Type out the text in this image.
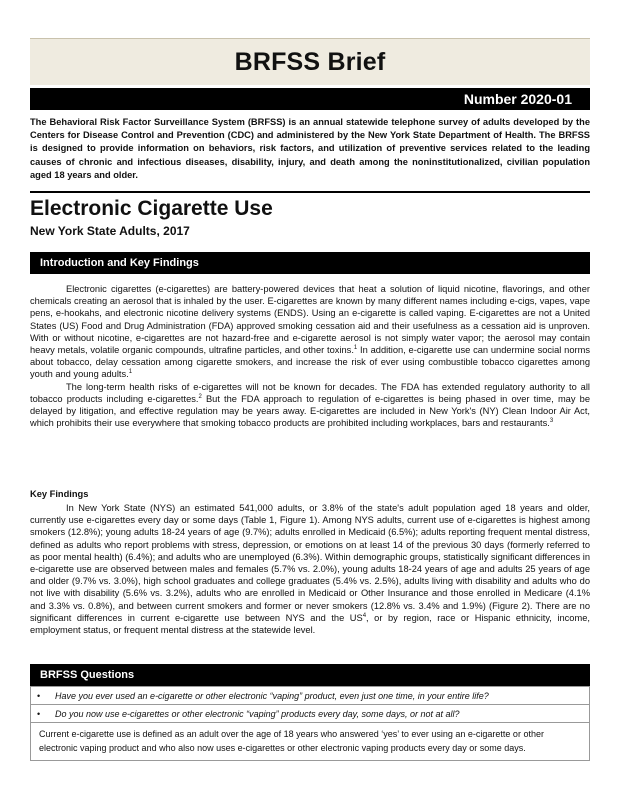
BRFSS Brief
Number 2020-01
The Behavioral Risk Factor Surveillance System (BRFSS) is an annual statewide telephone survey of adults developed by the Centers for Disease Control and Prevention (CDC) and administered by the New York State Department of Health. The BRFSS is designed to provide information on behaviors, risk factors, and utilization of preventive services related to the leading causes of chronic and infectious diseases, disability, injury, and death among the noninstitutionalized, civilian population aged 18 years and older.
Electronic Cigarette Use
New York State Adults, 2017
Introduction and Key Findings

Electronic cigarettes (e-cigarettes) are battery-powered devices that heat a solution of liquid nicotine, flavorings, and other chemicals creating an aerosol that is inhaled by the user. E-cigarettes are known by many different names including e-cigs, vapes, vape pens, e-hookahs, and electronic nicotine delivery systems (ENDS). Using an e-cigarette is called vaping. E-cigarettes are not a United States (US) Food and Drug Administration (FDA) approved smoking cessation aid and their usefulness as a cessation aid is unproven. With or without nicotine, e-cigarettes are not hazard-free and e-cigarette aerosol is not simply water vapor; the aerosol may contain heavy metals, volatile organic compounds, ultrafine particles, and other toxins.$^1$ In addition, e-cigarette use can undermine social norms about tobacco, delay cessation among cigarette smokers, and increase the risk of ever using combustible tobacco cigarettes among youth and young adults.$^1$

The long-term health risks of e-cigarettes will not be known for decades. The FDA has extended regulatory authority to all tobacco products including e-cigarettes.$^2$ But the FDA approach to regulation of e-cigarettes is being phased in over time, may be delayed by litigation, and effective regulation may be years away. E-cigarettes are included in New York's (NY) Clean Indoor Air Act, which prohibits their use everywhere that smoking tobacco products are prohibited including workplaces, bars and restaurants.$^3$

Key Findings

In New York State (NYS) an estimated 541,000 adults, or 3.8% of the state's adult population aged 18 years and older, currently use e-cigarettes every day or some days (Table 1, Figure 1). Among NYS adults, current use of e-cigarettes is highest among smokers (12.8%); young adults 18-24 years of age (9.7%); adults enrolled in Medicaid (6.5%); adults reporting frequent mental distress, defined as adults who report problems with stress, depression, or emotions on at least 14 of the previous 30 days (formerly referred to as poor mental health) (6.4%); and adults who are unemployed (6.3%). Within demographic groups, statistically significant differences in e-cigarette use are observed between males and females (5.7% vs. 2.0%), young adults 18-24 years of age and adults 25 years of age and older (9.7% vs. 3.0%), high school graduates and college graduates (5.4% vs. 2.5%), adults living with disability and adults who do not live with disability (5.6% vs. 3.2%), adults who are enrolled in Medicaid or Other Insurance and those enrolled in Medicare (4.1% and 3.3% vs. 0.8%), and between current smokers and former or never smokers (12.8% vs. 3.4% and 1.9%) (Figure 2). There are no significant differences in current e-cigarette use between NYS and the $US^4$, or by region, race or Hispanic ethnicity, income, employment status, or frequent mental distress at the statewide level.

BRFSS Questions
• Have you ever used an e-cigarette or other electronic “vaping” product, even just one time, in your entire life?
• Do you now use e-cigarettes or other electronic “vaping” products every day, some days, or not at all?
Current e-cigarette use is defined as an adult over the age of 18 years who answered ‘yes’ to ever using an e-cigarette or other electronic vaping product and who also now uses e-cigarettes or other electronic vaping products every day or some days.
